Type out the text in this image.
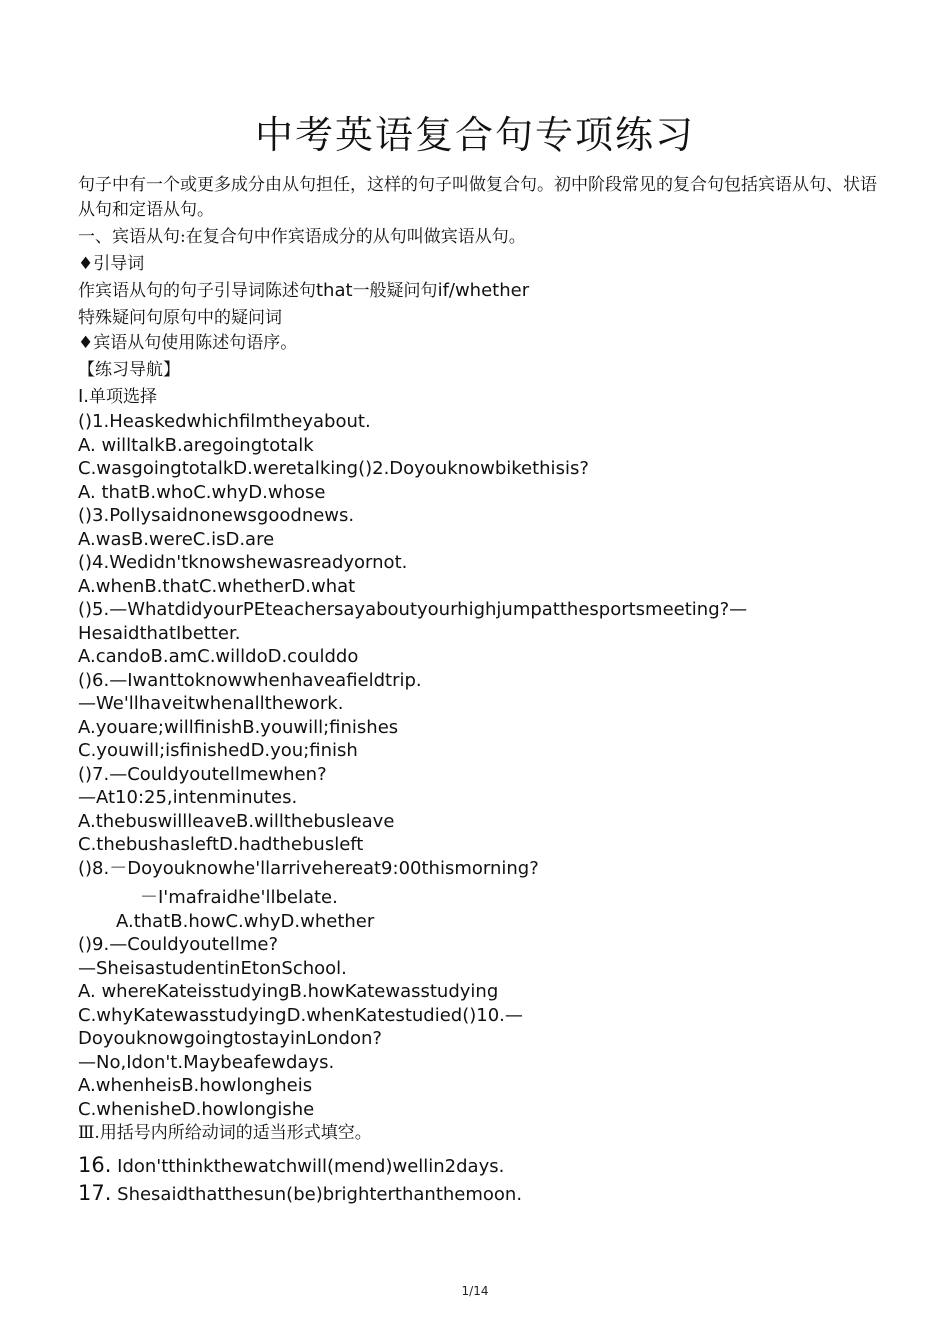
中考英语复合句专项练习

句子中有一个或更多成分由从句担任，这样的句子叫做复合句。初中阶段常见的复合句包括宾语从句、状语从句和定语从句。

一、宾语从句:在复合句中作宾语成分的从句叫做宾语从句。

♦引导词

作宾语从句的句子引导词陈述句that一般疑问句if/whether

特殊疑问句原句中的疑问词

♦宾语从句使用陈述句语序。

【练习导航】

I.单项选择

()1.Heaskedwhichfilmtheyabout.

A. willtalkB.aregoingtotalk

C.wasgoingtotalkD.weretalking()2.Doyouknowbikethisis?

A. thatB.whoC.whyD.whose

()3.Pollysaidnonewsgoodnews.

A.wasB.wereC.isD.are

()4.Wedidn'tknowshewasreadyornot.

A.whenB.thatC.whetherD.what

()5.—WhatdidyourPEteachersayaboutyourhighjumpatthesportsmeeting?—

HesaidthatIbetter.

A.candoB.amC.willdoD.coulddo

()6.—Iwanttoknowwhenhaveafieldtrip.

—We'llhaveitwhenallthework.

A.youare;willfinishB.youwill;finishes

C.youwill;isfinishedD.you;finish

()7.—Couldyoutellmewhen?

—At10:25,intenminutes.

A.thebuswillleaveB.willthebusleave

C.thebushasleftD.hadthebusleft

()8.－Doyouknowhe'llarrivehereat9:00thismorning?

－I'mafraidhe'llbelate.

A.thatB.howC.whyD.whether

()9.—Couldyoutellme?

—SheisastudentinEtonSchool.

A. whereKateisstudyingB.howKatewasstudying

C.whyKatewasstudyingD.whenKatestudied()10.—

DoyouknowgoingtostayinLondon?

—No,Idon't.Maybeafewdays.

A.whenheisB.howlongheis

C.whenisheD.howlongishe

Ⅲ.用括号内所给动词的适当形式填空。

16. Idon'tthinkthewatchwill(mend)wellin2days.

17. Shesaidthatthesun(be)brighterthanthemoon.

1/14
